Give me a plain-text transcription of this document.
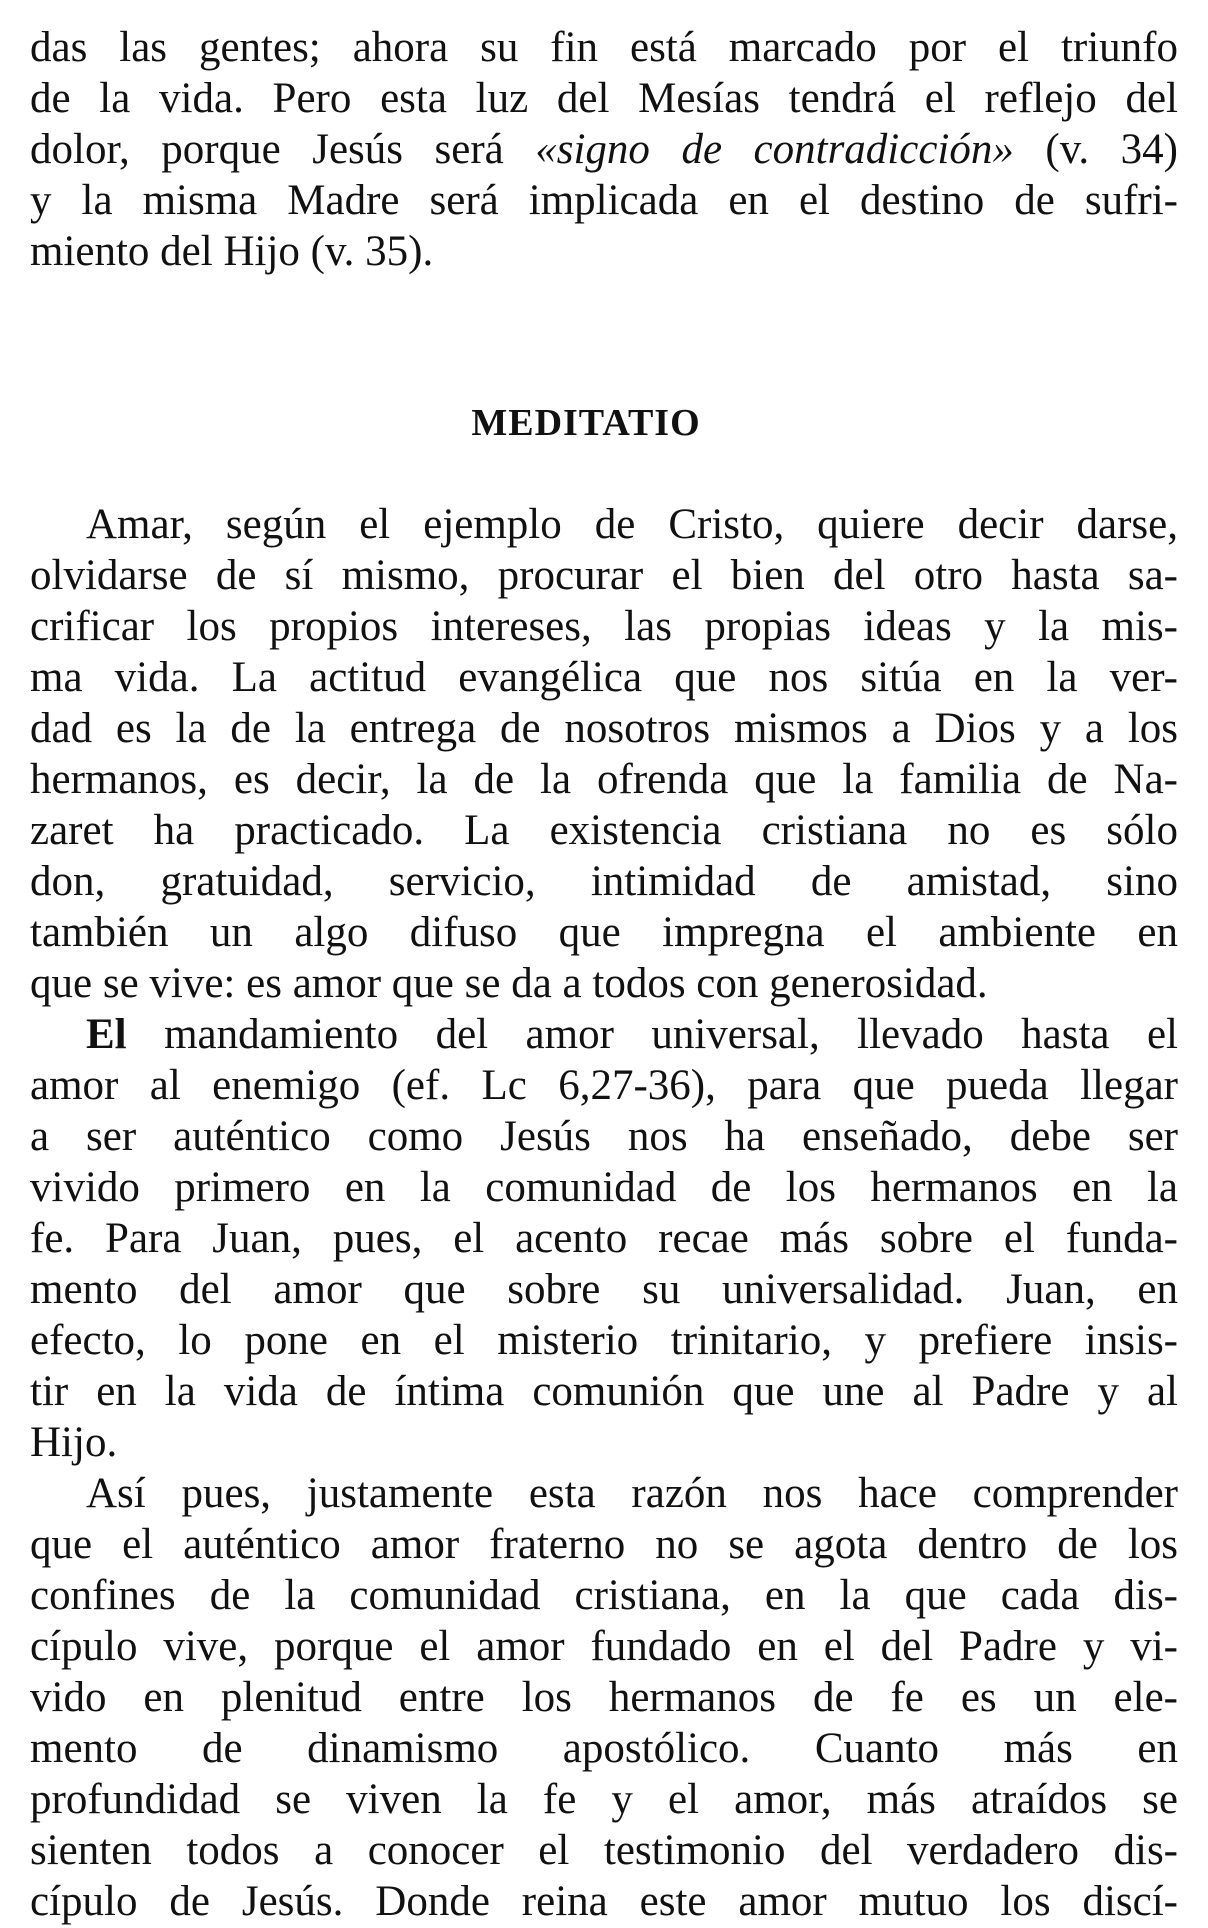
das las gentes; ahora su fin está marcado por el triunfo
de la vida. Pero esta luz del Mesías tendrá el reflejo del
dolor, porque Jesús será «signo de contradicción» (v. 34)
y la misma Madre será implicada en el destino de sufri-
miento del Hijo (v. 35).
MEDITATIO
Amar, según el ejemplo de Cristo, quiere decir darse,
olvidarse de sí mismo, procurar el bien del otro hasta sa-
crificar los propios intereses, las propias ideas y la mis-
ma vida. La actitud evangélica que nos sitúa en la ver-
dad es la de la entrega de nosotros mismos a Dios y a los
hermanos, es decir, la de la ofrenda que la familia de Na-
zaret ha practicado. La existencia cristiana no es sólo
don, gratuidad, servicio, intimidad de amistad, sino
también un algo difuso que impregna el ambiente en
que se vive: es amor que se da a todos con generosidad.
El mandamiento del amor universal, llevado hasta el
amor al enemigo (ef. Lc 6,27-36), para que pueda llegar
a ser auténtico como Jesús nos ha enseñado, debe ser
vivido primero en la comunidad de los hermanos en la
fe. Para Juan, pues, el acento recae más sobre el funda-
mento del amor que sobre su universalidad. Juan, en
efecto, lo pone en el misterio trinitario, y prefiere insis-
tir en la vida de íntima comunión que une al Padre y al
Hijo.
Así pues, justamente esta razón nos hace comprender
que el auténtico amor fraterno no se agota dentro de los
confines de la comunidad cristiana, en la que cada dis-
cípulo vive, porque el amor fundado en el del Padre y vi-
vido en plenitud entre los hermanos de fe es un ele-
mento de dinamismo apostólico. Cuanto más en
profundidad se viven la fe y el amor, más atraídos se
sienten todos a conocer el testimonio del verdadero dis-
cípulo de Jesús. Donde reina este amor mutuo los discí-
